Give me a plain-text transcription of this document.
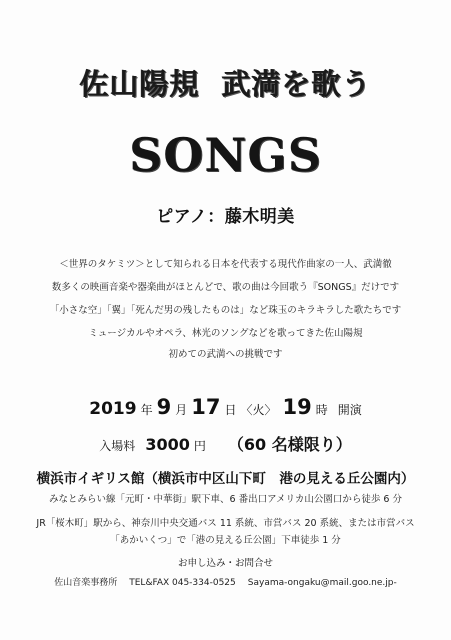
佐山陽規 武満を歌う
SONGS
ピアノ：藤木明美
＜世界のタケミツ＞として知られる日本を代表する現代作曲家の一人、武満徹
数多くの映画音楽や器楽曲がほとんどで、歌の曲は今回歌う『SONGS』だけです
「小さな空」「翼」「死んだ男の残したものは」など珠玉のキラキラした歌たちです
ミュージカルやオペラ、林光のソングなどを歌ってきた佐山陽規
初めての武満への挑戦です
2019 年 9 月 17 日 〈火〉 19 時 開演
入場料 3000 円 （60 名様限り）
横浜市イギリス館（横浜市中区山下町　港の見える丘公園内）
みなとみらい線「元町・中華街」駅下車、6 番出口アメリカ山公園口から徒歩 6 分
JR「桜木町」駅から、神奈川中央交通バス 11 系統、市営バス 20 系統、または市営バス
「あかいくつ」で「港の見える丘公園」下車徒歩 1 分
お申し込み・お問合せ
佐山音楽事務所 TEL&FAX 045-334-0525 Sayama-ongaku@mail.goo.ne.jp-
